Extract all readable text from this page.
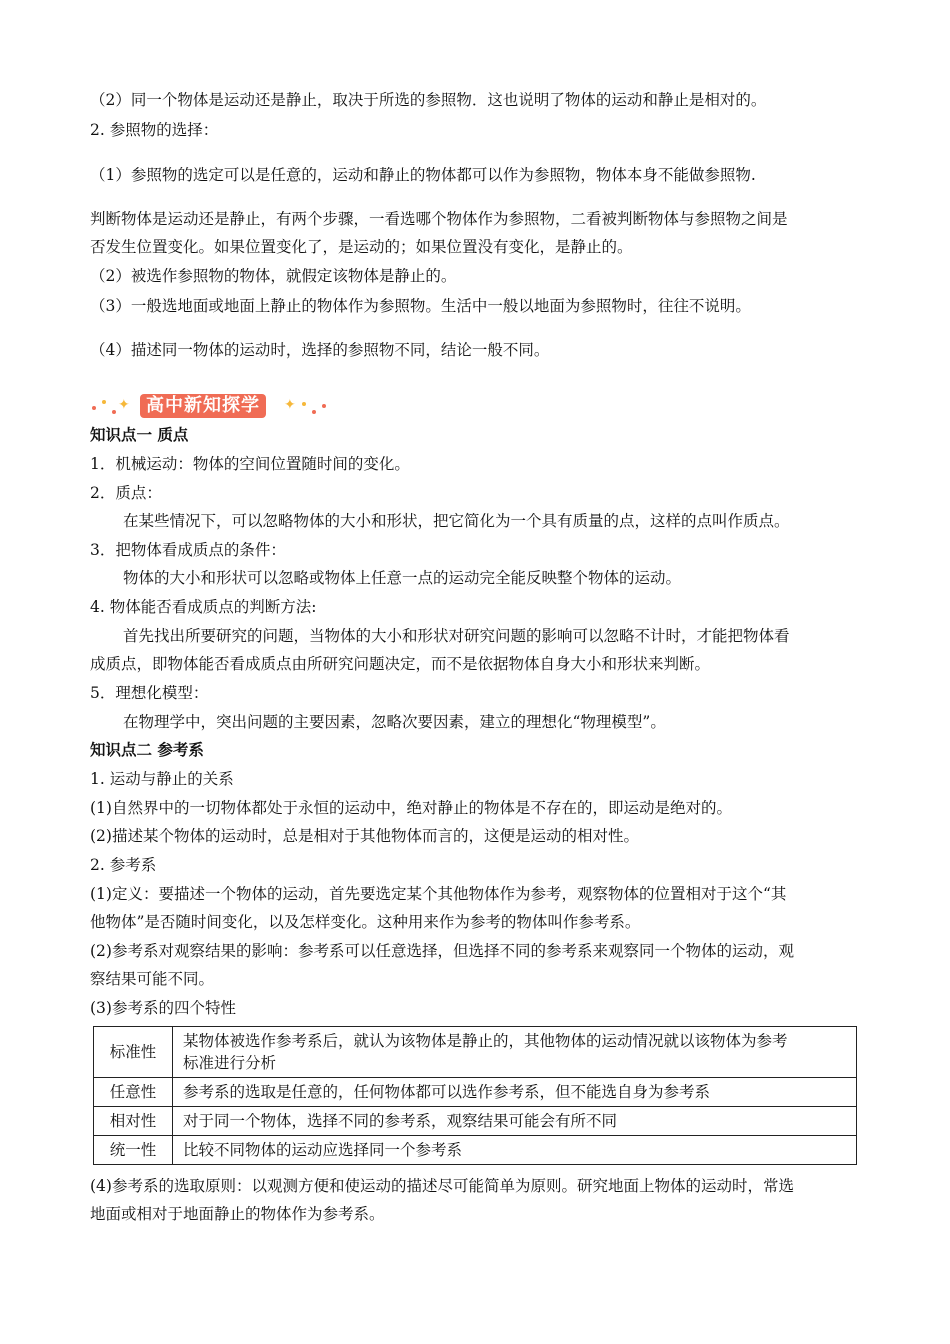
（2）同一个物体是运动还是静止，取决于所选的参照物．这也说明了物体的运动和静止是相对的。
2. 参照物的选择：
（1）参照物的选定可以是任意的，运动和静止的物体都可以作为参照物，物体本身不能做参照物.
判断物体是运动还是静止，有两个步骤，一看选哪个物体作为参照物，二看被判断物体与参照物之间是
否发生位置变化。如果位置变化了，是运动的；如果位置没有变化，是静止的。
（2）被选作参照物的物体，就假定该物体是静止的。
（3）一般选地面或地面上静止的物体作为参照物。生活中一般以地面为参照物时，往往不说明。
（4）描述同一物体的运动时，选择的参照物不同，结论一般不同。
✦ 高中新知探学	✦
知识点一 质点
1．机械运动：物体的空间位置随时间的变化。
2．质点：
在某些情况下，可以忽略物体的大小和形状，把它简化为一个具有质量的点，这样的点叫作质点。
3．把物体看成质点的条件：
物体的大小和形状可以忽略或物体上任意一点的运动完全能反映整个物体的运动。
4. 物体能否看成质点的判断方法:
首先找出所要研究的问题，当物体的大小和形状对研究问题的影响可以忽略不计时，才能把物体看
成质点，即物体能否看成质点由所研究问题决定，而不是依据物体自身大小和形状来判断。
5．理想化模型：
在物理学中，突出问题的主要因素，忽略次要因素，建立的理想化“物理模型”。
知识点二 参考系
1. 运动与静止的关系
(1)自然界中的一切物体都处于永恒的运动中，绝对静止的物体是不存在的，即运动是绝对的。
(2)描述某个物体的运动时，总是相对于其他物体而言的，这便是运动的相对性。
2. 参考系
(1)定义：要描述一个物体的运动，首先要选定某个其他物体作为参考，观察物体的位置相对于这个“其
他物体”是否随时间变化，以及怎样变化。这种用来作为参考的物体叫作参考系。
(2)参考系对观察结果的影响：参考系可以任意选择，但选择不同的参考系来观察同一个物体的运动，观
察结果可能不同。
(3)参考系的四个特性
标准性	某物体被选作参考系后，就认为该物体是静止的，其他物体的运动情况就以该物体为参考
标准进行分析

任意性	参考系的选取是任意的，任何物体都可以选作参考系，但不能选自身为参考系
相对性	对于同一个物体，选择不同的参考系，观察结果可能会有所不同
统一性	比较不同物体的运动应选择同一个参考系
(4)参考系的选取原则：以观测方便和使运动的描述尽可能简单为原则。研究地面上物体的运动时，常选
地面或相对于地面静止的物体作为参考系。
